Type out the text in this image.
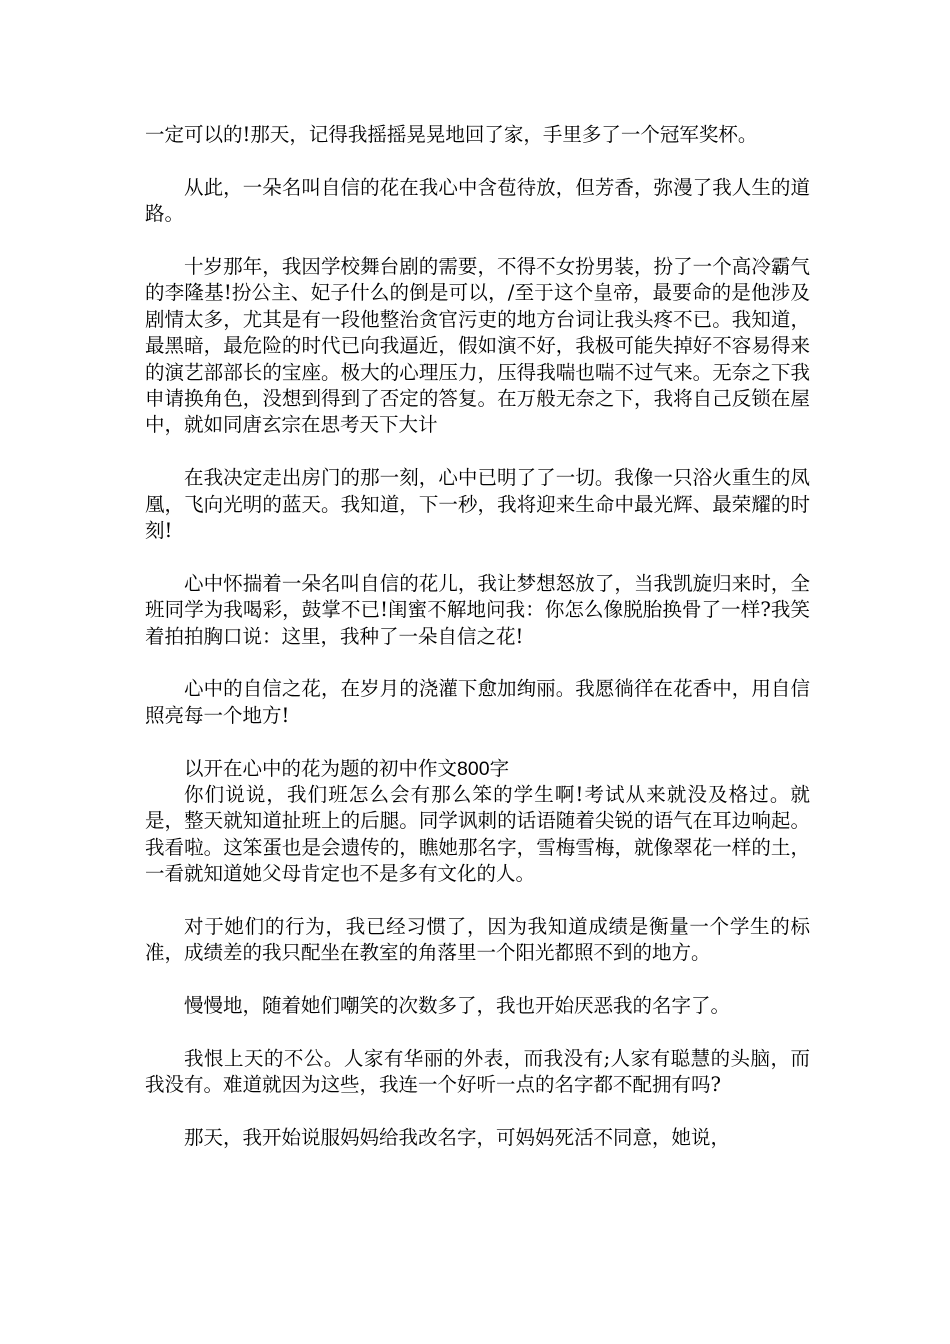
一定可以的!那天，记得我摇摇晃晃地回了家，手里多了一个冠军奖杯。

从此，一朵名叫自信的花在我心中含苞待放，但芳香，弥漫了我人生的道路。

十岁那年，我因学校舞台剧的需要，不得不女扮男装，扮了一个高冷霸气的李隆基!扮公主、妃子什么的倒是可以，/至于这个皇帝，最要命的是他涉及剧情太多，尤其是有一段他整治贪官污吏的地方台词让我头疼不已。我知道，最黑暗，最危险的时代已向我逼近，假如演不好，我极可能失掉好不容易得来的演艺部部长的宝座。极大的心理压力，压得我喘也喘不过气来。无奈之下我申请换角色，没想到得到了否定的答复。在万般无奈之下，我将自己反锁在屋中，就如同唐玄宗在思考天下大计

在我决定走出房门的那一刻，心中已明了了一切。我像一只浴火重生的凤凰，飞向光明的蓝天。我知道，下一秒，我将迎来生命中最光辉、最荣耀的时刻!

心中怀揣着一朵名叫自信的花儿，我让梦想怒放了，当我凯旋归来时，全班同学为我喝彩，鼓掌不已!闺蜜不解地问我：你怎么像脱胎换骨了一样?我笑着拍拍胸口说：这里，我种了一朵自信之花!

心中的自信之花，在岁月的浇灌下愈加绚丽。我愿徜徉在花香中，用自信照亮每一个地方!

以开在心中的花为题的初中作文800字

你们说说，我们班怎么会有那么笨的学生啊!考试从来就没及格过。就是，整天就知道扯班上的后腿。同学讽刺的话语随着尖锐的语气在耳边响起。我看啦。这笨蛋也是会遗传的，瞧她那名字，雪梅雪梅，就像翠花一样的土，一看就知道她父母肯定也不是多有文化的人。

对于她们的行为，我已经习惯了，因为我知道成绩是衡量一个学生的标准，成绩差的我只配坐在教室的角落里一个阳光都照不到的地方。

慢慢地，随着她们嘲笑的次数多了，我也开始厌恶我的名字了。

我恨上天的不公。人家有华丽的外表，而我没有;人家有聪慧的头脑，而我没有。难道就因为这些，我连一个好听一点的名字都不配拥有吗?

那天，我开始说服妈妈给我改名字，可妈妈死活不同意，她说，
